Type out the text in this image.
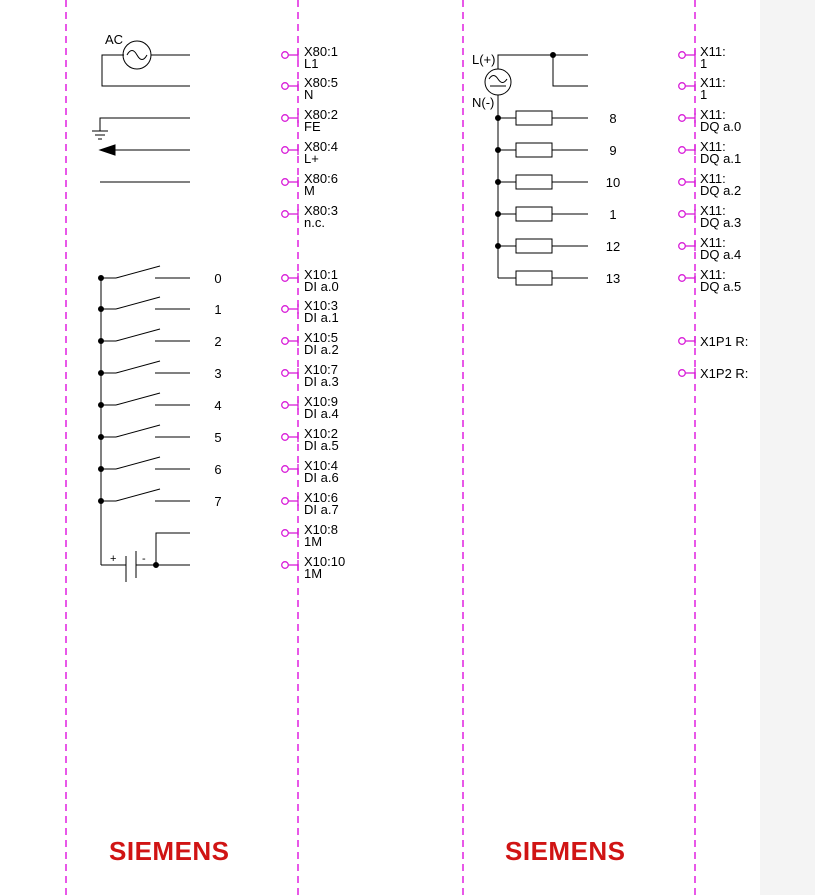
X80:1
L1
X80:5
N
X80:2
FE
X80:4
L+
X80:6
M
X80:3
n.c.
0
1
2
3
4
5
6
7
X10:1
DI a.0
X10:3
DI a.1
X10:5
DI a.2
X10:7
DI a.3
X10:9
DI a.4
X10:2
DI a.5
X10:4
DI a.6
X10:6
DI a.7
X10:8
1M
X10:10
1M
8
9
10
1
12
13
X11:
1
X11:
1
X11:
DQ a.0
X11:
DQ a.1
X11:
DQ a.2
X11:
DQ a.3
X11:
DQ a.4
X11:
DQ a.5
X1P1 R:
X1P2 R:
AC
+ -
L(+)
N(-)
SIEMENS	SIEMENS
